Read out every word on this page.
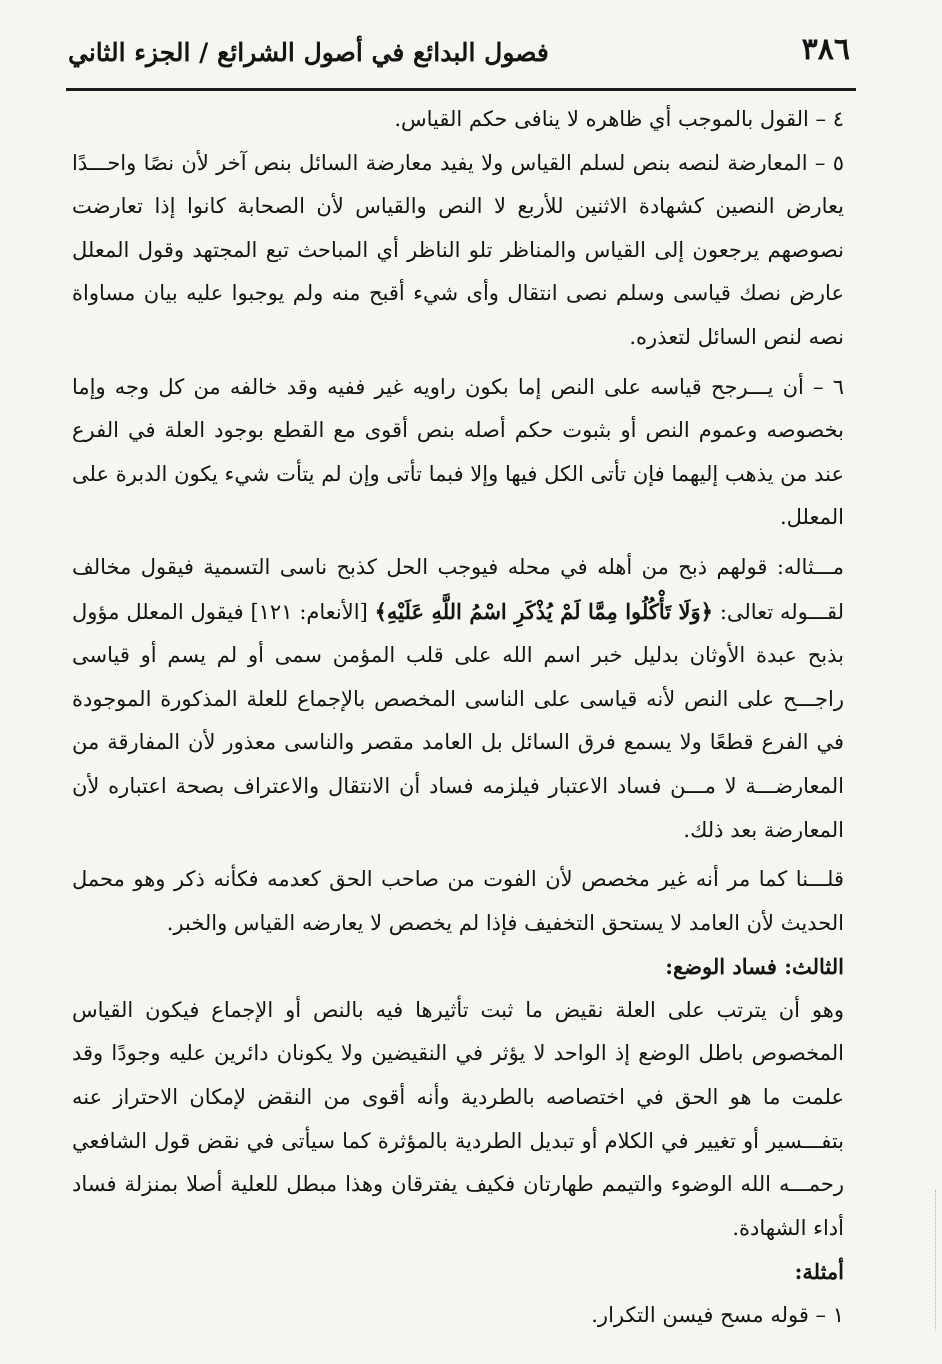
٣٨٦
فصول البدائع في أصول الشرائع / الجزء الثاني

٤ – القول بالموجب أي ظاهره لا ينافى حكم القياس.

٥ – المعارضة لنصه بنص لسلم القياس ولا يفيد معارضة السائل بنص آخر لأن نصًا واحـــدًا يعارض النصين كشهادة الاثنين للأربع لا النص والقياس لأن الصحابة كانوا إذا تعارضت نصوصهم يرجعون إلى القياس والمناظر تلو الناظر أي المباحث تبع المجتهد وقول المعلل عارض نصك قياسى وسلم نصى انتقال وأى شيء أقبح منه ولم يوجبوا عليه بيان مساواة نصه لنص السائل لتعذره.

٦ – أن يـــرجح قياسه على النص إما بكون راويه غير ففيه وقد خالفه من كل وجه وإما بخصوصه وعموم النص أو بثبوت حكم أصله بنص أقوى مع القطع بوجود العلة في الفرع عند من يذهب إليهما فإن تأتى الكل فيها وإلا فبما تأتى وإن لم يتأت شيء يكون الدبرة على المعلل.

مـــثاله: قولهم ذبح من أهله في محله فيوجب الحل كذبح ناسى التسمية فيقول مخالف لقـــوله تعالى: ﴿وَلَا تَأْكُلُوا مِمَّا لَمْ يُذْكَرِ اسْمُ اللَّهِ عَلَيْهِ﴾ [الأنعام: ١٢١] فيقول المعلل مؤول بذبح عبدة الأوثان بدليل خبر اسم الله على قلب المؤمن سمى أو لم يسم أو قياسى راجـــح على النص لأنه قياسى على الناسى المخصص بالإجماع للعلة المذكورة الموجودة في الفرع قطعًا ولا يسمع فرق السائل بل العامد مقصر والناسى معذور لأن المفارقة من المعارضـــة لا مـــن فساد الاعتبار فيلزمه فساد أن الانتقال والاعتراف بصحة اعتباره لأن المعارضة بعد ذلك.

قلـــنا كما مر أنه غير مخصص لأن الفوت من صاحب الحق كعدمه فكأنه ذكر وهو محمل الحديث لأن العامد لا يستحق التخفيف فإذا لم يخصص لا يعارضه القياس والخبر.

الثالث: فساد الوضع:

وهو أن يترتب على العلة نقيض ما ثبت تأثيرها فيه بالنص أو الإجماع فيكون القياس المخصوص باطل الوضع إذ الواحد لا يؤثر في النقيضين ولا يكونان دائرين عليه وجودًا وقد علمت ما هو الحق في اختصاصه بالطردية وأنه أقوى من النقض لإمكان الاحتراز عنه بتفـــسير أو تغيير في الكلام أو تبديل الطردية بالمؤثرة كما سيأتى في نقض قول الشافعي رحمـــه الله الوضوء والتيمم طهارتان فكيف يفترقان وهذا مبطل للعلية أصلا بمنزلة فساد أداء الشهادة.

أمثلة:

١ – قوله مسح فيسن التكرار.
